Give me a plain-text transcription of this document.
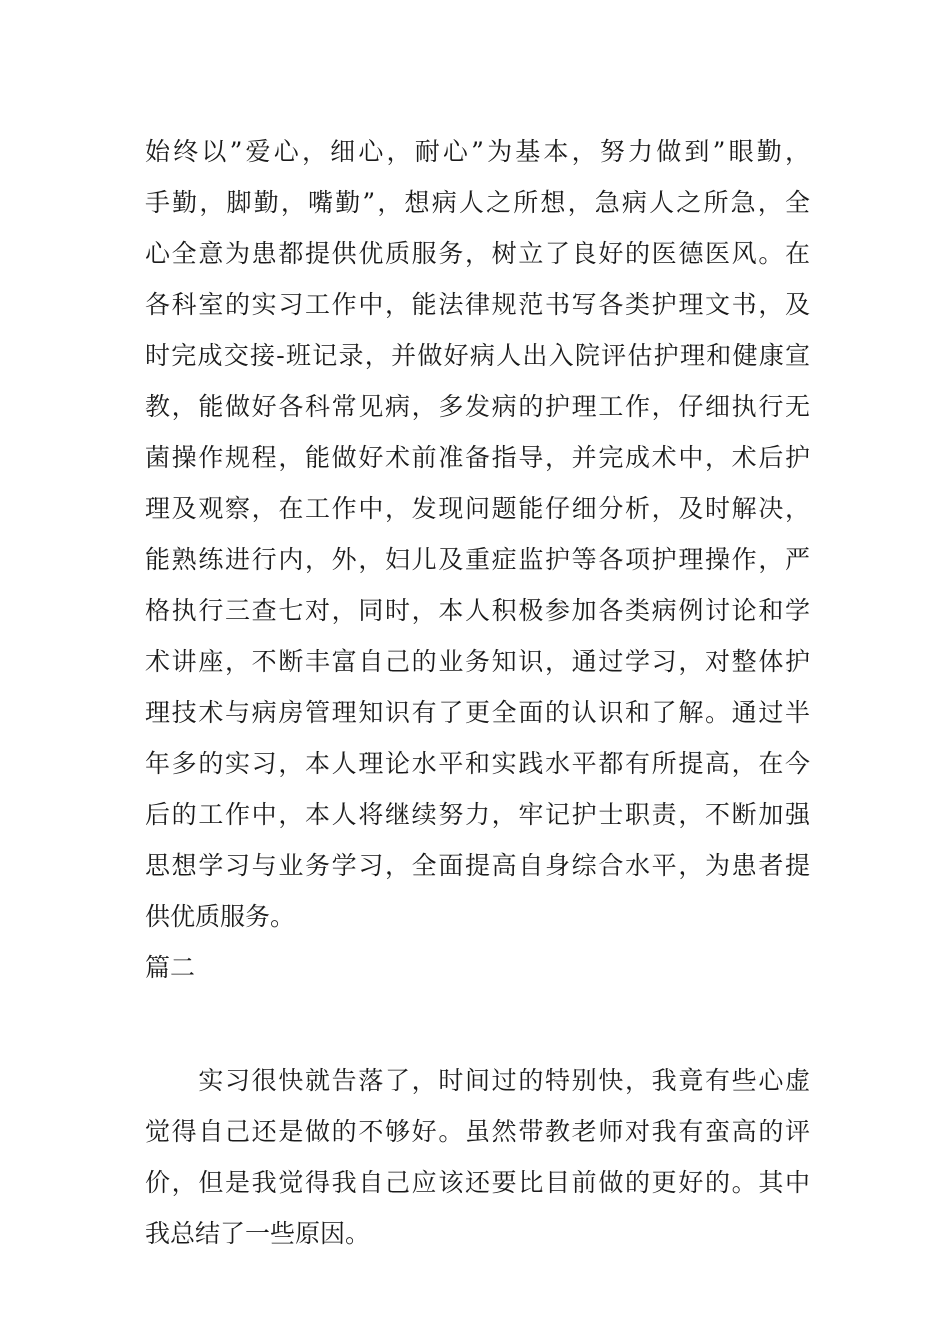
始终以”爱心，细心，耐心”为基本，努力做到”眼勤，
手勤，脚勤，嘴勤”，想病人之所想，急病人之所急，全
心全意为患都提供优质服务，树立了良好的医德医风。在
各科室的实习工作中，能法律规范书写各类护理文书，及
时完成交接-班记录，并做好病人出入院评估护理和健康宣
教，能做好各科常见病，多发病的护理工作，仔细执行无
菌操作规程，能做好术前准备指导，并完成术中，术后护
理及观察，在工作中，发现问题能仔细分析，及时解决，
能熟练进行内，外，妇儿及重症监护等各项护理操作，严
格执行三查七对，同时，本人积极参加各类病例讨论和学
术讲座，不断丰富自己的业务知识，通过学习，对整体护
理技术与病房管理知识有了更全面的认识和了解。通过半
年多的实习，本人理论水平和实践水平都有所提高，在今
后的工作中，本人将继续努力，牢记护士职责，不断加强
思想学习与业务学习，全面提高自身综合水平，为患者提
供优质服务。
篇二
　　实习很快就告落了，时间过的特别快，我竟有些心虚
觉得自己还是做的不够好。虽然带教老师对我有蛮高的评
价，但是我觉得我自己应该还要比目前做的更好的。其中
我总结了一些原因。
